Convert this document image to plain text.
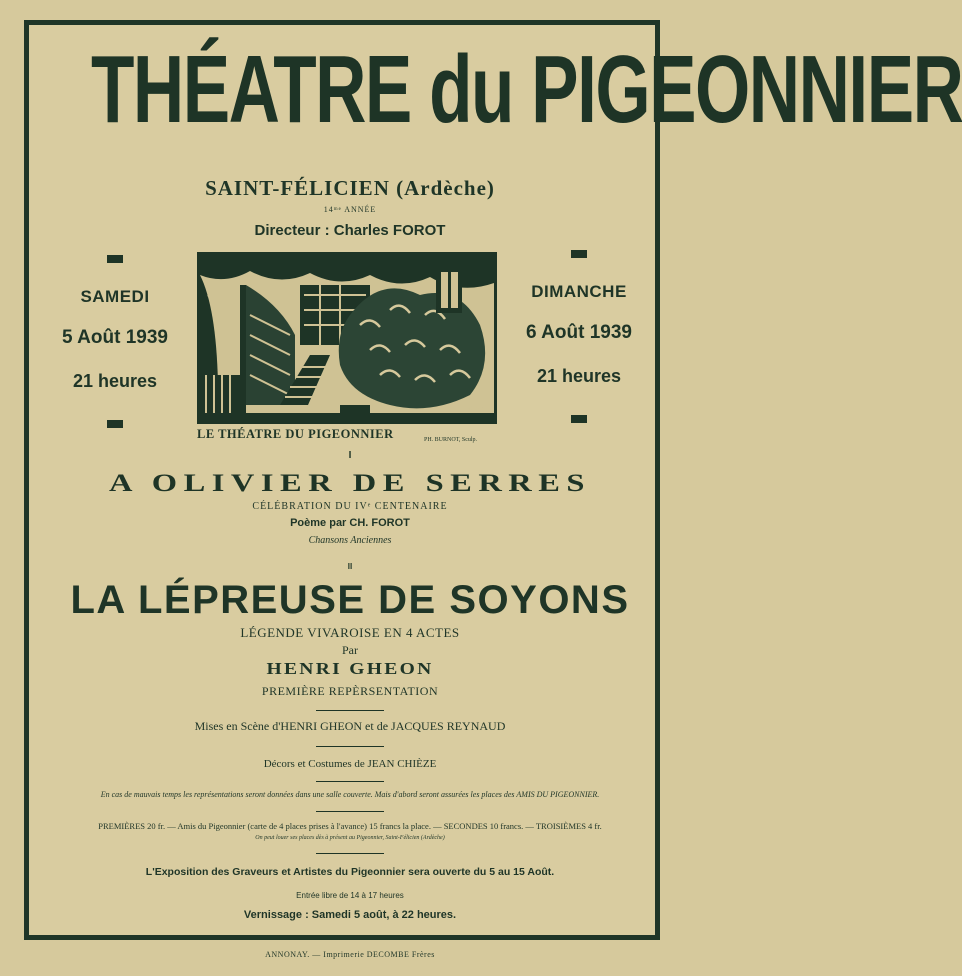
THÉATRE du PIGEONNIER
SAINT-FÉLICIEN (Ardèche)
14ᵐᵉ ANNÉE
Directeur : Charles FOROT
SAMEDI
5 Août 1939
21 heures
DIMANCHE
6 Août 1939
21 heures
BURNOT
LE THÉATRE DU PIGEONNIER	PH. BURNOT, Sculp.
I
A OLIVIER DE SERRES
CÉLÉBRATION DU IVᵉ CENTENAIRE
Poème par CH. FOROT
Chansons Anciennes
II
LA LÉPREUSE DE SOYONS
LÉGENDE VIVAROISE EN 4 ACTES
Par
HENRI GHEON
PREMIÈRE REPÈRSENTATION
Mises en Scène d'HENRI GHEON et de JACQUES REYNAUD
Décors et Costumes de JEAN CHIÈZE
En cas de mauvais temps les représentations seront données dans une salle couverte. Mais d'abord seront assurées les places des AMIS DU PIGEONNIER.
PREMIÈRES 20 fr. — Amis du Pigeonnier (carte de 4 places prises à l'avance) 15 francs la place. — SECONDES 10 francs. — TROISIÈMES 4 fr.
On peut louer ses places dès à présent au Pigeonnier, Saint-Félicien (Ardèche)
L'Exposition des Graveurs et Artistes du Pigeonnier sera ouverte du 5 au 15 Août.
Entrée libre de 14 à 17 heures
Vernissage : Samedi 5 août, à 22 heures.
ANNONAY. — Imprimerie DECOMBE Frères
